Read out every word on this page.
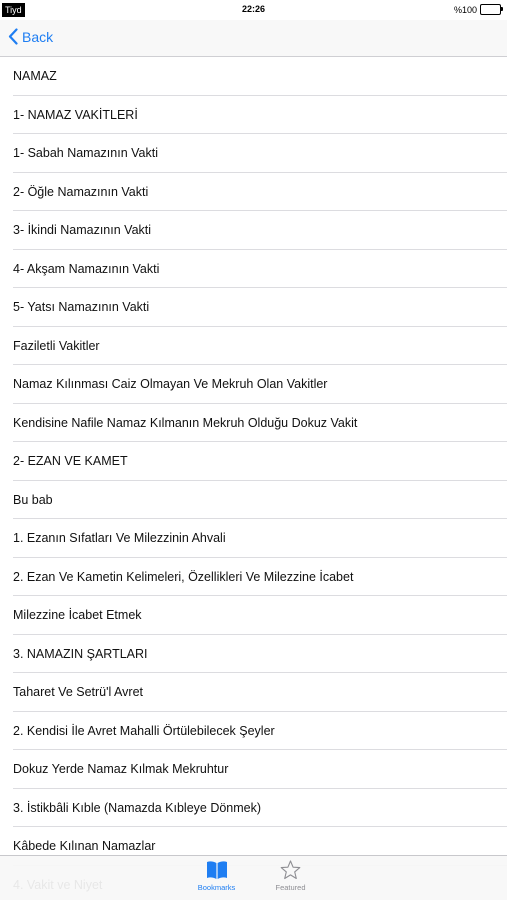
Tiyd	22:26	%100
Back
NAMAZ
1- NAMAZ VAKİTLERİ
1- Sabah Namazının Vakti
2- Öğle Namazının Vakti
3- İkindi Namazının Vakti
4- Akşam Namazının Vakti
5- Yatsı Namazının Vakti
Faziletli Vakitler
Namaz Kılınması Caiz Olmayan Ve Mekruh Olan Vakitler
Kendisine Nafile Namaz Kılmanın Mekruh Olduğu Dokuz Vakit
2- EZAN VE KAMET
Bu bab
1. Ezanın Sıfatları Ve Milezzinin Ahvali
2. Ezan Ve Kametin Kelimeleri, Özellikleri Ve Milezzine İcabet
Milezzine İcabet Etmek
3. NAMAZIN ŞARTLARI
Taharet Ve Setrü'l Avret
2. Kendisi İle Avret Mahalli Örtülebilecek Şeyler
Dokuz Yerde Namaz Kılmak Mekruhtur
3. İstikbâli Kıble (Namazda Kıbleye Dönmek)
Kâbede Kılınan Namazlar
Bookmarks	Featured
